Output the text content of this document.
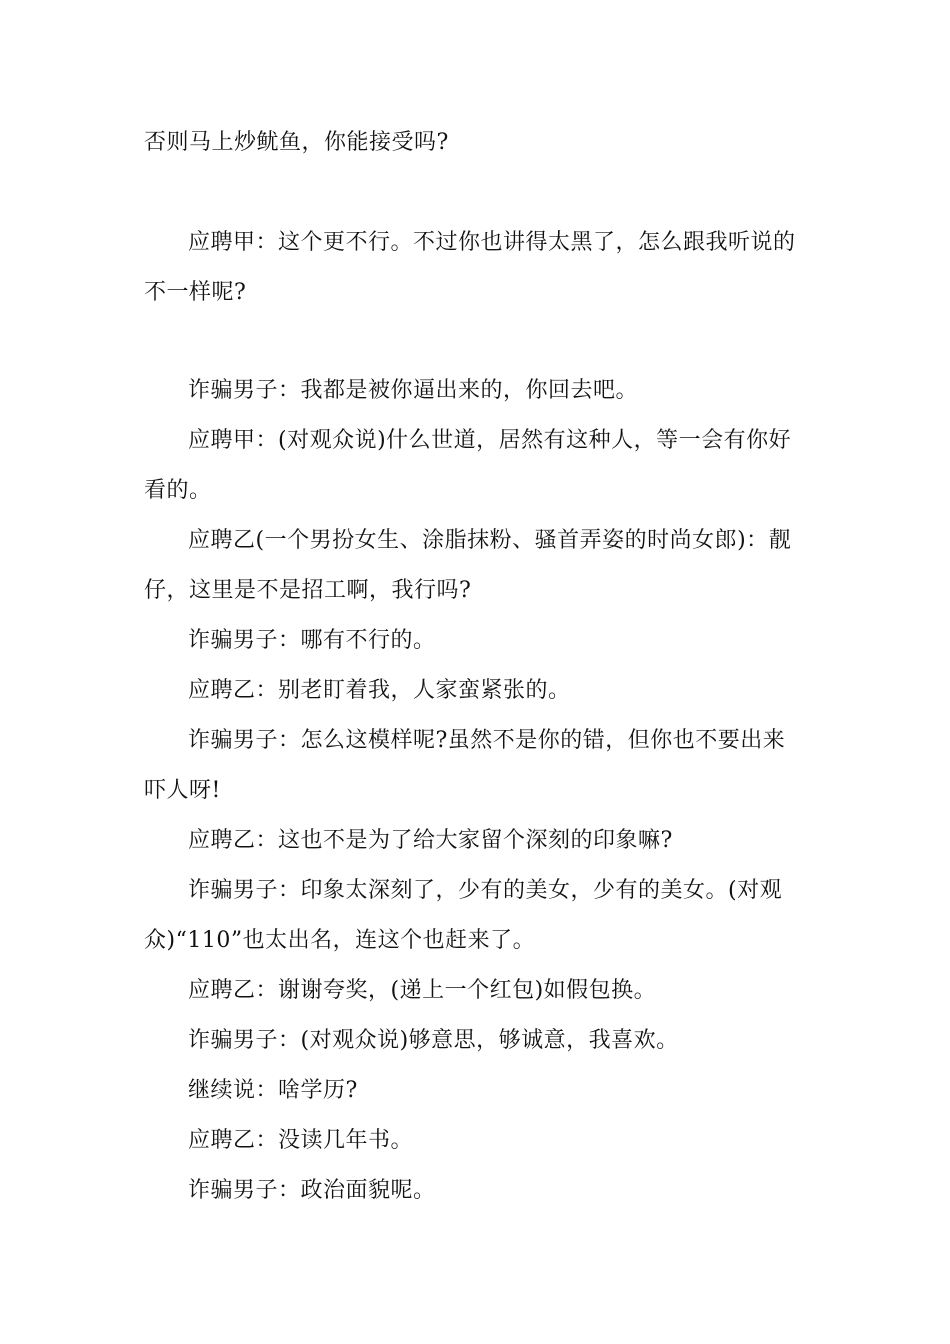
否则马上炒鱿鱼，你能接受吗?

应聘甲：这个更不行。不过你也讲得太黑了，怎么跟我听说的不一样呢?

诈骗男子：我都是被你逼出来的，你回去吧。

应聘甲：(对观众说)什么世道，居然有这种人，等一会有你好看的。

应聘乙(一个男扮女生、涂脂抹粉、骚首弄姿的时尚女郎)：靓仔，这里是不是招工啊，我行吗?

诈骗男子：哪有不行的。

应聘乙：别老盯着我，人家蛮紧张的。

诈骗男子：怎么这模样呢?虽然不是你的错，但你也不要出来吓人呀!

应聘乙：这也不是为了给大家留个深刻的印象嘛?

诈骗男子：印象太深刻了，少有的美女，少有的美女。(对观众)“110”也太出名，连这个也赶来了。

应聘乙：谢谢夸奖，(递上一个红包)如假包换。

诈骗男子：(对观众说)够意思，够诚意，我喜欢。

继续说：啥学历?

应聘乙：没读几年书。

诈骗男子：政治面貌呢。
